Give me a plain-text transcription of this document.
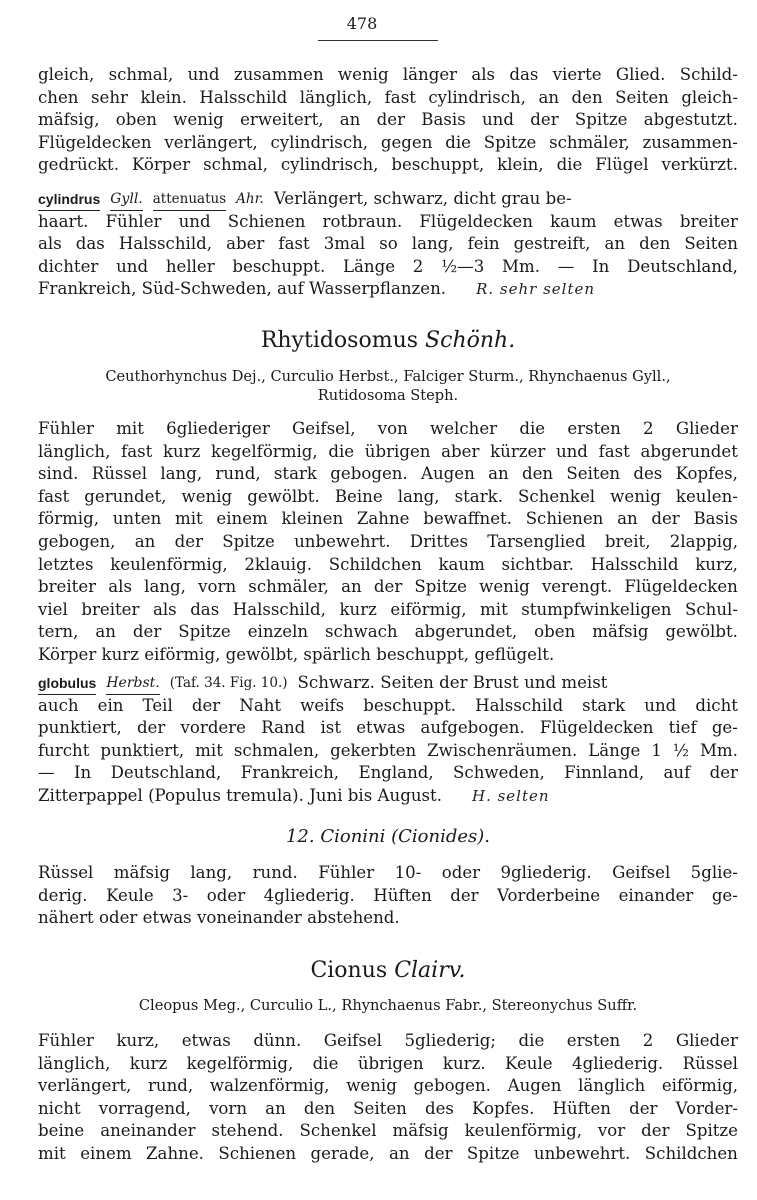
478
gleich, schmal, und zusammen wenig länger als das vierte Glied. Schild-
chen sehr klein. Halsschild länglich, fast cylindrisch, an den Seiten gleich-
mäfsig, oben wenig erweitert, an der Basis und der Spitze abgestutzt.
Flügeldecken verlängert, cylindrisch, gegen die Spitze schmäler, zusammen-
gedrückt. Körper schmal, cylindrisch, beschuppt, klein, die Flügel verkürzt.
cylindrus Gyll. attenuatus Ahr. Verlängert, schwarz, dicht grau be-
haart. Fühler und Schienen rotbraun. Flügeldecken kaum etwas breiter
als das Halsschild, aber fast 3mal so lang, fein gestreift, an den Seiten
dichter und heller beschuppt. Länge 2 ½—3 Mm. — In Deutschland,
Frankreich, Süd-Schweden, auf Wasserpflanzen. R. sehr selten
Rhytidosomus Schönh.
Ceuthorhynchus Dej., Curculio Herbst., Falciger Sturm., Rhynchaenus Gyll.,
Rutidosoma Steph.
Fühler mit 6gliederiger Geifsel, von welcher die ersten 2 Glieder
länglich, fast kurz kegelförmig, die übrigen aber kürzer und fast abgerundet
sind. Rüssel lang, rund, stark gebogen. Augen an den Seiten des Kopfes,
fast gerundet, wenig gewölbt. Beine lang, stark. Schenkel wenig keulen-
förmig, unten mit einem kleinen Zahne bewaffnet. Schienen an der Basis
gebogen, an der Spitze unbewehrt. Drittes Tarsenglied breit, 2lappig,
letztes keulenförmig, 2klauig. Schildchen kaum sichtbar. Halsschild kurz,
breiter als lang, vorn schmäler, an der Spitze wenig verengt. Flügeldecken
viel breiter als das Halsschild, kurz eiförmig, mit stumpfwinkeligen Schul-
tern, an der Spitze einzeln schwach abgerundet, oben mäfsig gewölbt.
Körper kurz eiförmig, gewölbt, spärlich beschuppt, geflügelt.
globulus Herbst. (Taf. 34. Fig. 10.) Schwarz. Seiten der Brust und meist
auch ein Teil der Naht weifs beschuppt. Halsschild stark und dicht
punktiert, der vordere Rand ist etwas aufgebogen. Flügeldecken tief ge-
furcht punktiert, mit schmalen, gekerbten Zwischenräumen. Länge 1 ½ Mm.
— In Deutschland, Frankreich, England, Schweden, Finnland, auf der
Zitterpappel (Populus tremula). Juni bis August. H. selten
12. Cionini (Cionides).
Rüssel mäfsig lang, rund. Fühler 10- oder 9gliederig. Geifsel 5glie-
derig. Keule 3- oder 4gliederig. Hüften der Vorderbeine einander ge-
nähert oder etwas voneinander abstehend.
Cionus Clairv.
Cleopus Meg., Curculio L., Rhynchaenus Fabr., Stereonychus Suffr.
Fühler kurz, etwas dünn. Geifsel 5gliederig; die ersten 2 Glieder
länglich, kurz kegelförmig, die übrigen kurz. Keule 4gliederig. Rüssel
verlängert, rund, walzenförmig, wenig gebogen. Augen länglich eiförmig,
nicht vorragend, vorn an den Seiten des Kopfes. Hüften der Vorder-
beine aneinander stehend. Schenkel mäfsig keulenförmig, vor der Spitze
mit einem Zahne. Schienen gerade, an der Spitze unbewehrt. Schildchen
